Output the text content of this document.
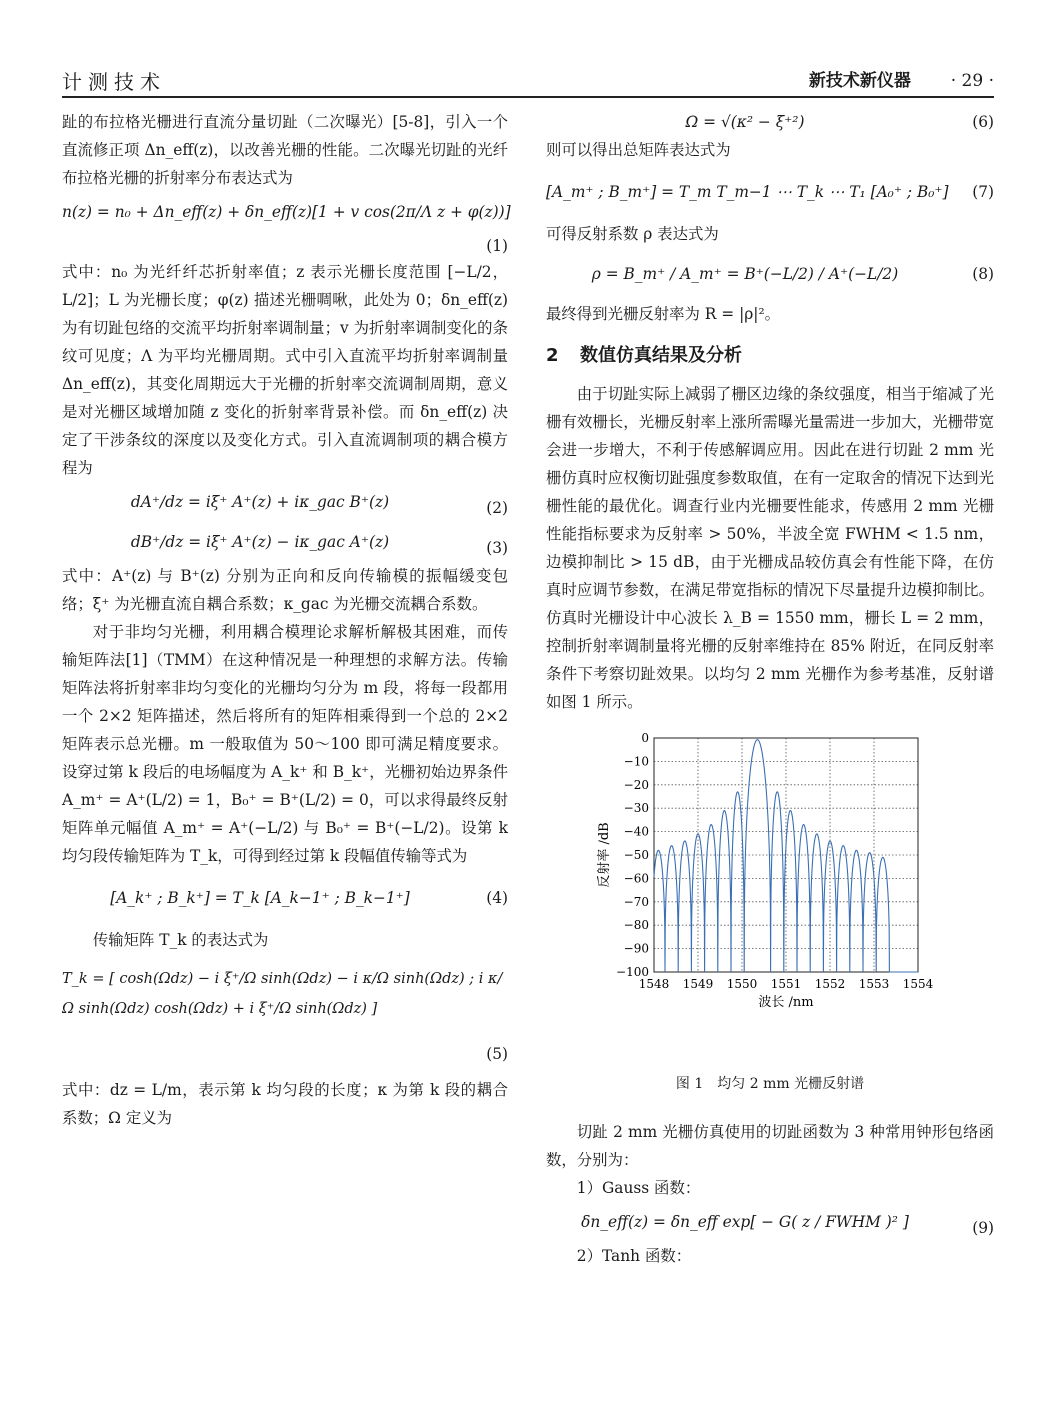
计测技术	新技术新仪器 · 29 ·

趾的布拉格光栅进行直流分量切趾（二次曝光）[5-8]，引入一个直流修正项 Δn_eff(z)，以改善光栅的性能。二次曝光切趾的光纤布拉格光栅的折射率分布表达式为

n(z) = n₀ + Δn_eff(z) + δn_eff(z)[1 + v cos(2π/Λ z + φ(z))]
(1)

式中：n₀ 为光纤纤芯折射率值；z 表示光栅长度范围 [−L/2，L/2]；L 为光栅长度；φ(z) 描述光栅啁啾，此处为 0；δn_eff(z) 为有切趾包络的交流平均折射率调制量；v 为折射率调制变化的条纹可见度；Λ 为平均光栅周期。式中引入直流平均折射率调制量 Δn_eff(z)，其变化周期远大于光栅的折射率交流调制周期，意义是对光栅区域增加随 z 变化的折射率背景补偿。而 δn_eff(z) 决定了干涉条纹的深度以及变化方式。引入直流调制项的耦合模方程为

dA⁺/dz = iξ⁺ A⁺(z) + iκ_gac B⁺(z)	(2)
dB⁺/dz = iξ⁺ A⁺(z) − iκ_gac A⁺(z)	(3)

式中：A⁺(z) 与 B⁺(z) 分别为正向和反向传输模的振幅缓变包络；ξ⁺ 为光栅直流自耦合系数；κ_gac 为光栅交流耦合系数。

对于非均匀光栅，利用耦合模理论求解析解极其困难，而传输矩阵法[1]（TMM）在这种情况是一种理想的求解方法。传输矩阵法将折射率非均匀变化的光栅均匀分为 m 段，将每一段都用一个 2×2 矩阵描述，然后将所有的矩阵相乘得到一个总的 2×2 矩阵表示总光栅。m 一般取值为 50～100 即可满足精度要求。设穿过第 k 段后的电场幅度为 A_k⁺ 和 B_k⁺，光栅初始边界条件 A_m⁺ = A⁺(L/2) = 1，B₀⁺ = B⁺(L/2) = 0，可以求得最终反射矩阵单元幅值 A_m⁺ = A⁺(−L/2) 与 B₀⁺ = B⁺(−L/2)。设第 k 均匀段传输矩阵为 T_k，可得到经过第 k 段幅值传输等式为

[A_k⁺ ; B_k⁺] = T_k [A_k−1⁺ ; B_k−1⁺]	(4)

传输矩阵 T_k 的表达式为

T_k = [ cosh(Ωdz) − i ξ⁺/Ω sinh(Ωdz) − i κ/Ω sinh(Ωdz) ; i κ/Ω sinh(Ωdz) cosh(Ωdz) + i ξ⁺/Ω sinh(Ωdz) ]
(5)

式中：dz = L/m，表示第 k 均匀段的长度；κ 为第 k 段的耦合系数；Ω 定义为

Ω = √(κ² − ξ⁺²)	(6)

则可以得出总矩阵表达式为

[A_m⁺ ; B_m⁺] = T_m T_m−1 ⋯ T_k ⋯ T₁ [A₀⁺ ; B₀⁺] (7)

可得反射系数 ρ 表达式为

ρ = B_m⁺ / A_m⁺ = B⁺(−L/2) / A⁺(−L/2)	(8)

最终得到光栅反射率为 R = |ρ|²。

2 数值仿真结果及分析

由于切趾实际上减弱了栅区边缘的条纹强度，相当于缩减了光栅有效栅长，光栅反射率上涨所需曝光量需进一步加大，光栅带宽会进一步增大，不利于传感解调应用。因此在进行切趾 2 mm 光栅仿真时应权衡切趾强度参数取值，在有一定取舍的情况下达到光栅性能的最优化。调查行业内光栅要性能求，传感用 2 mm 光栅性能指标要求为反射率 > 50%，半波全宽 FWHM < 1.5 nm，边模抑制比 > 15 dB，由于光栅成品较仿真会有性能下降，在仿真时应调节参数，在满足带宽指标的情况下尽量提升边模抑制比。仿真时光栅设计中心波长 λ_B = 1550 mm，栅长 L = 2 mm，控制折射率调制量将光栅的反射率维持在 85% 附近，在同反射率条件下考察切趾效果。以均匀 2 mm 光栅作为参考基准，反射谱如图 1 所示。

1548 1549 1550 1551 1552 1553 1554
0
−10
−20
−30
−40
−50
−60
−70
−80
−90
−100
波长 /nm
反射率 /dB
图 1　均匀 2 mm 光栅反射谱

切趾 2 mm 光栅仿真使用的切趾函数为 3 种常用钟形包络函数，分别为：

1）Gauss 函数：

δn_eff(z) = δn_eff exp[ − G( z / FWHM )² ]	(9)

2）Tanh 函数：
